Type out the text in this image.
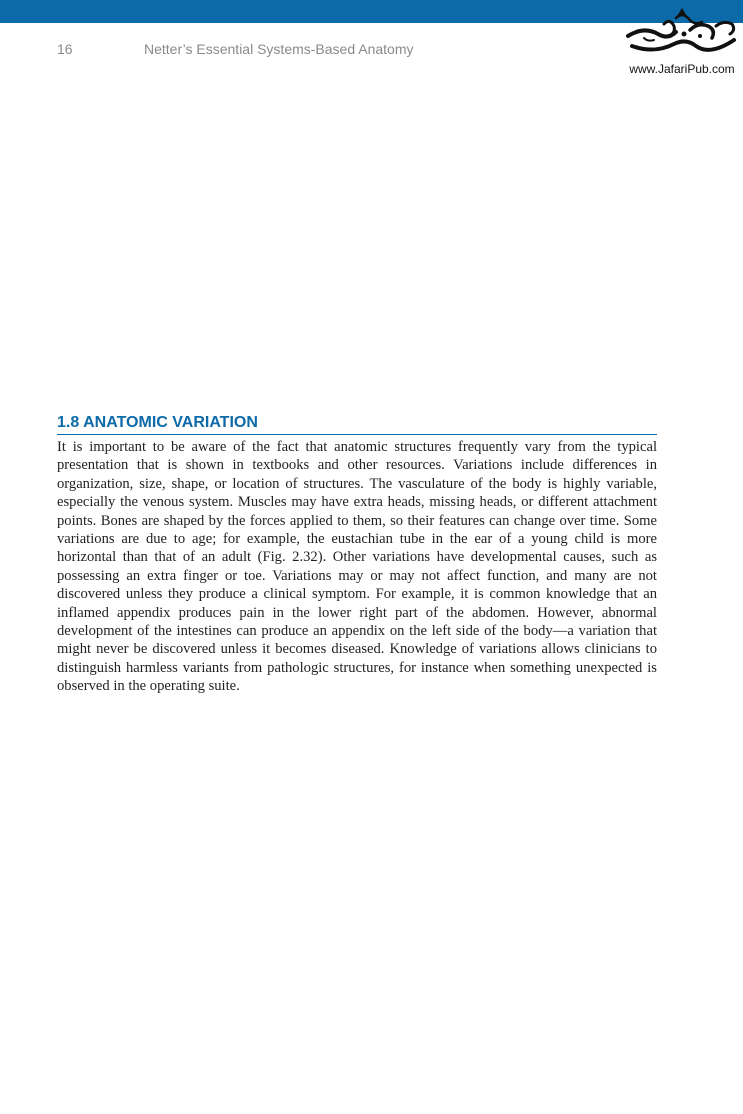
16	Netter’s Essential Systems-Based Anatomy
www.JafariPub.com
1.8 ANATOMIC VARIATION

It is important to be aware of the fact that anatomic structures frequently vary from the typical presentation that is shown in textbooks and other resources. Variations include differences in organization, size, shape, or location of structures. The vasculature of the body is highly variable, especially the venous system. Muscles may have extra heads, missing heads, or different attachment points. Bones are shaped by the forces applied to them, so their features can change over time. Some variations are due to age; for example, the eustachian tube in the ear of a young child is more horizontal than that of an adult (Fig. 2.32). Other variations have developmental causes, such as possessing an extra finger or toe. Variations may or may not affect function, and many are not discovered unless they produce a clinical symptom. For example, it is common knowledge that an inflamed appendix produces pain in the lower right part of the abdomen. However, abnormal development of the intestines can produce an appendix on the left side of the body—a variation that might never be discovered unless it becomes diseased. Knowledge of variations allows clinicians to distinguish harmless variants from pathologic structures, for instance when something unexpected is observed in the operating suite.
